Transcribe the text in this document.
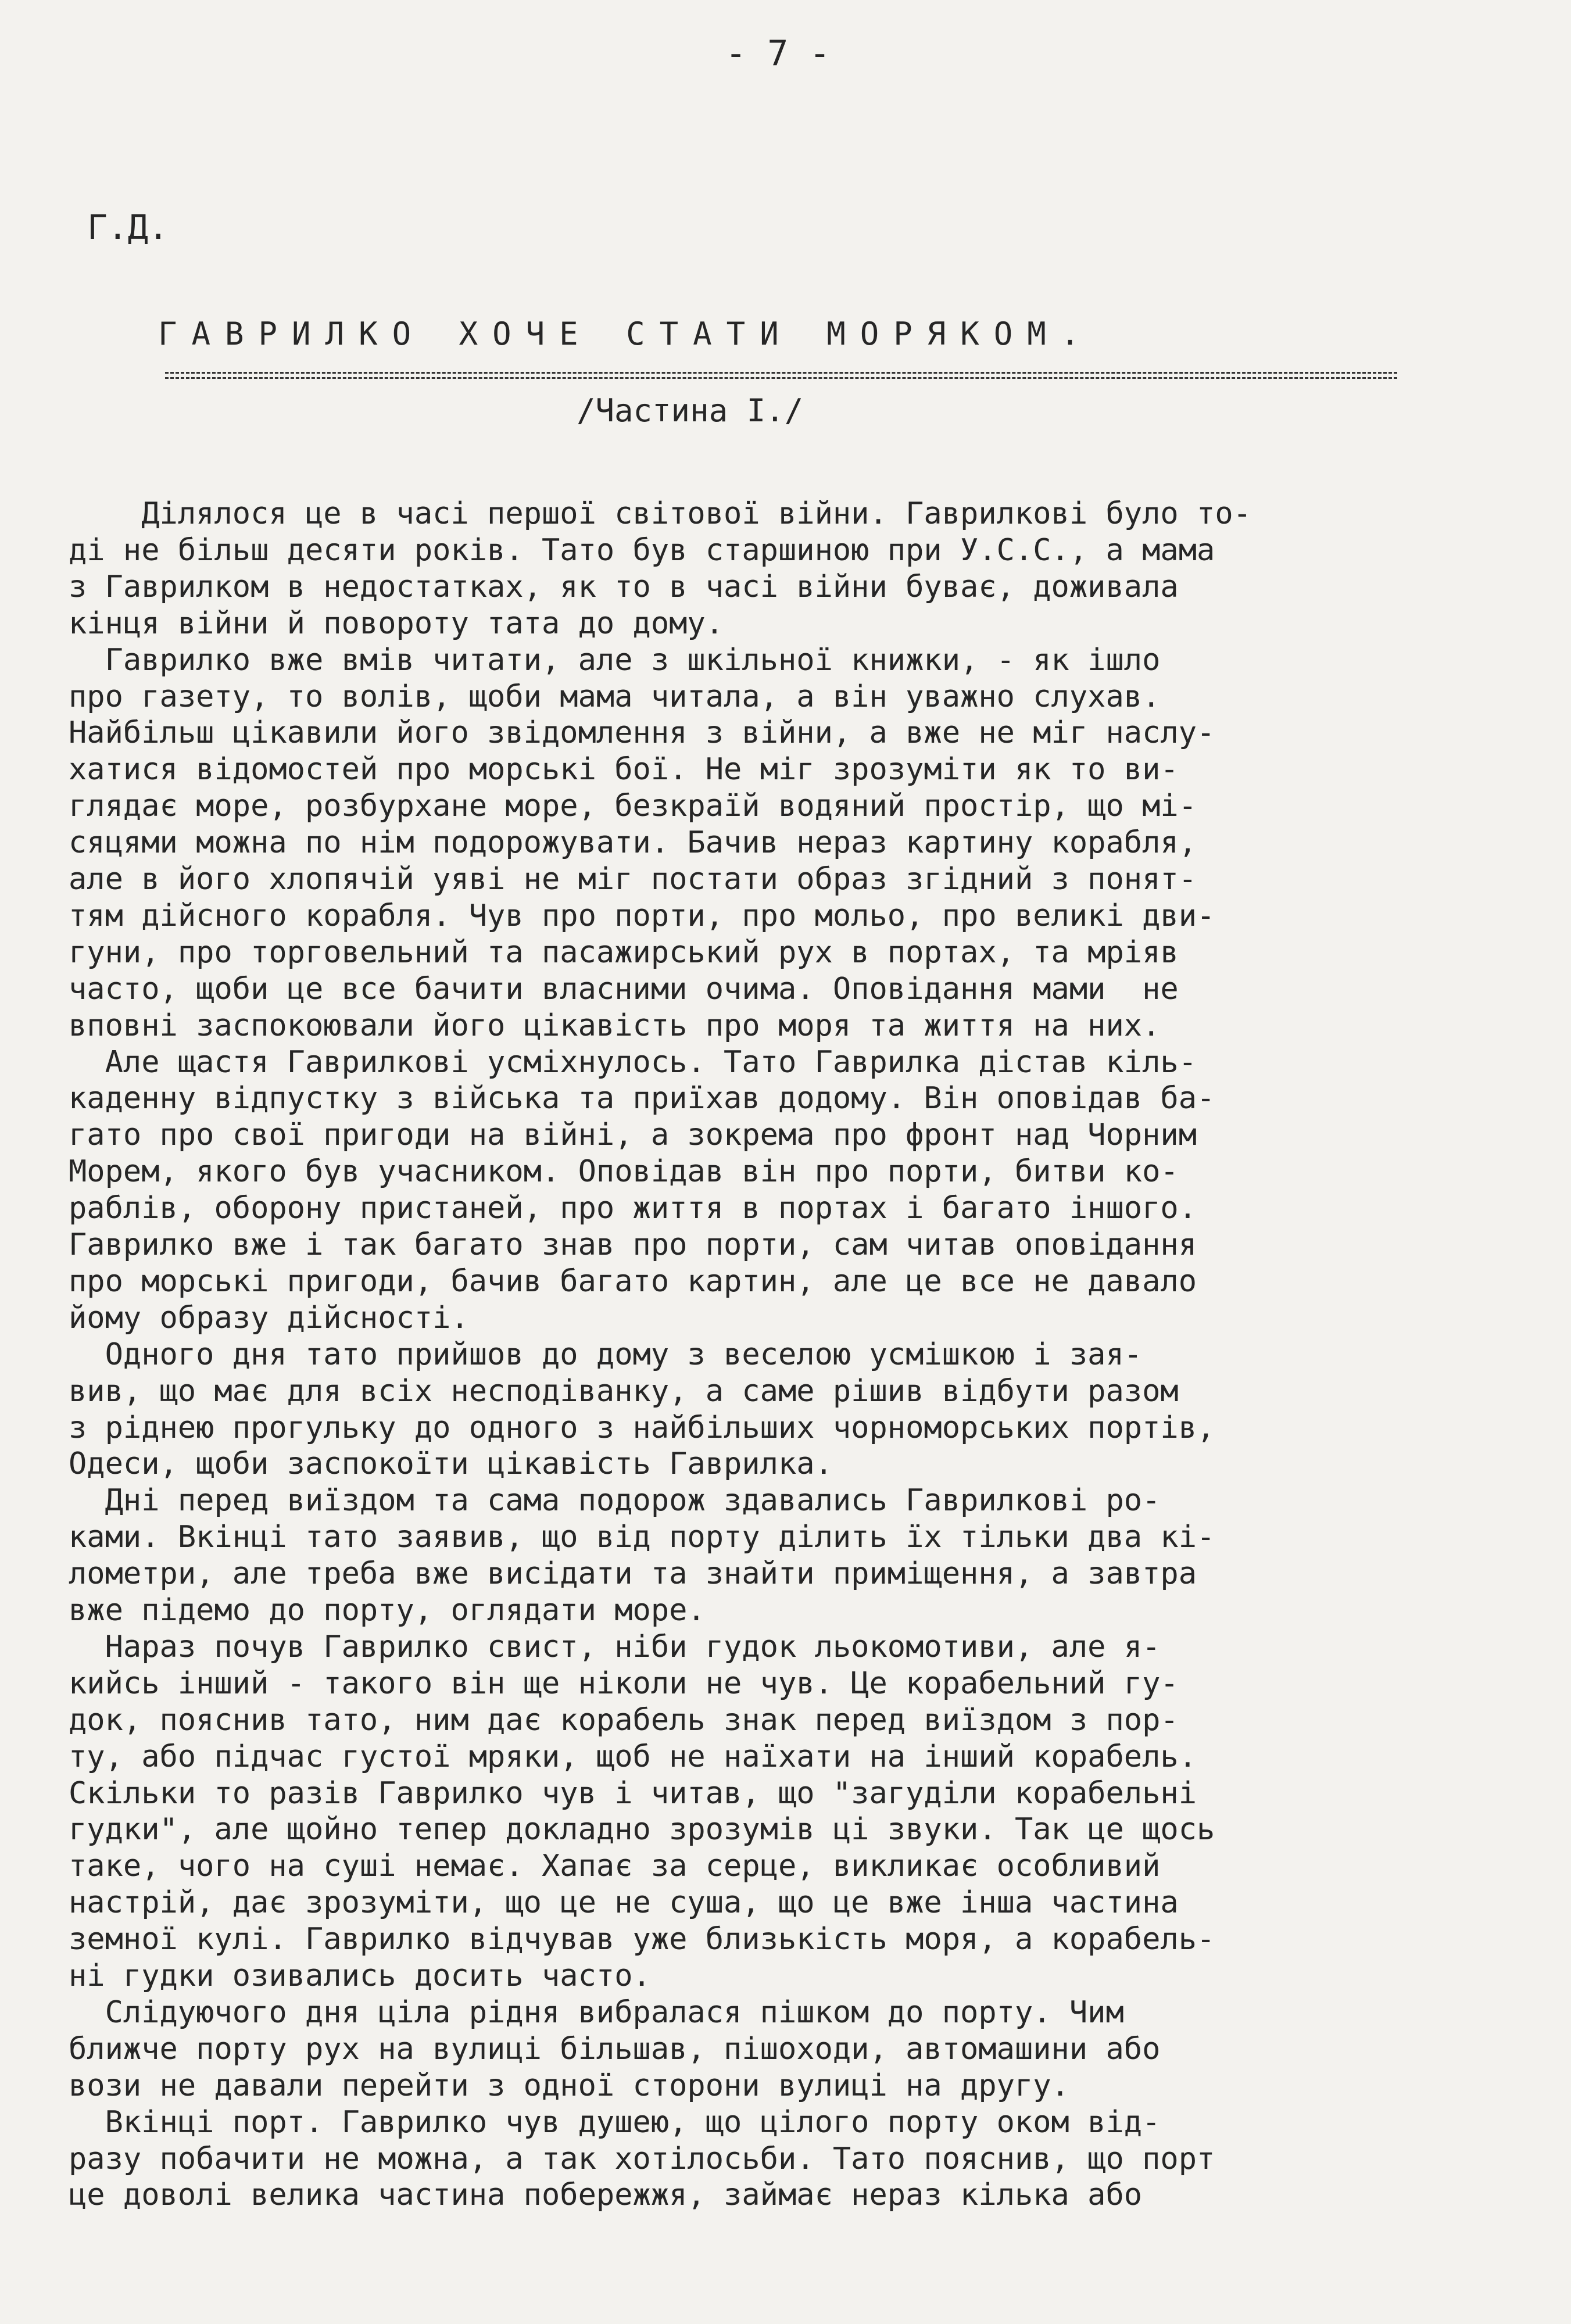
- 7 -
Г.Д.
ГАВРИЛКО ХОЧЕ СТАТИ МОРЯКОМ.
/Частина I./
Ділялося це в часі першої світової війни. Гаврилкові було то-
ді не більш десяти років. Тато був старшиною при У.С.С., а мама
з Гаврилком в недостатках, як то в часі війни буває, доживала
кінця війни й повороту тата до дому.
Гаврилко вже вмів читати, але з шкільної книжки, - як ішло
про газету, то волів, щоби мама читала, а він уважно слухав.
Найбільш цікавили його звідомлення з війни, а вже не міг наслу-
хатися відомостей про морські бої. Не міг зрозуміти як то ви-
глядає море, розбурхане море, безкраїй водяний простір, що мі-
сяцями можна по нім подорожувати. Бачив нераз картину корабля,
але в його хлопячій уяві не міг постати образ згідний з понят-
тям дійсного корабля. Чув про порти, про мольо, про великі дви-
гуни, про торговельний та пасажирський рух в портах, та мріяв
часто, щоби це все бачити власними очима. Оповідання мами  не
вповні заспокоювали його цікавість про моря та життя на них.
Але щастя Гаврилкові усміхнулось. Тато Гаврилка дістав кіль-
каденну відпустку з війська та приїхав додому. Він оповідав ба-
гато про свої пригоди на війні, а зокрема про фронт над Чорним
Морем, якого був учасником. Оповідав він про порти, битви ко-
раблів, оборону пристаней, про життя в портах і багато іншого.
Гаврилко вже і так багато знав про порти, сам читав оповідання
про морські пригоди, бачив багато картин, але це все не давало
йому образу дійсності.
Одного дня тато прийшов до дому з веселою усмішкою і зая-
вив, що має для всіх несподіванку, а саме рішив відбути разом
з ріднею прогульку до одного з найбільших чорноморських портів,
Одеси, щоби заспокоїти цікавість Гаврилка.
Дні перед виїздом та сама подорож здавались Гаврилкові ро-
ками. Вкінці тато заявив, що від порту ділить їх тільки два кі-
лометри, але треба вже висідати та знайти приміщення, а завтра
вже підемо до порту, оглядати море.
Нараз почув Гаврилко свист, ніби гудок льокомотиви, але я-
кийсь інший - такого він ще ніколи не чув. Це корабельний гу-
док, пояснив тато, ним дає корабель знак перед виїздом з пор-
ту, або підчас густої мряки, щоб не наїхати на інший корабель.
Скільки то разів Гаврилко чув і читав, що "загуділи корабельні
гудки", але щойно тепер докладно зрозумів ці звуки. Так це щось
таке, чого на суші немає. Хапає за серце, викликає особливий
настрій, дає зрозуміти, що це не суша, що це вже інша частина
земної кулі. Гаврилко відчував уже близькість моря, а корабель-
ні гудки озивались досить часто.
Слідуючого дня ціла рідня вибралася пішком до порту. Чим
ближче порту рух на вулиці більшав, пішоходи, автомашини або
вози не давали перейти з одної сторони вулиці на другу.
Вкінці порт. Гаврилко чув душею, що цілого порту оком від-
разу побачити не можна, а так хотілосьби. Тато пояснив, що порт
це доволі велика частина побережжя, займає нераз кілька або
